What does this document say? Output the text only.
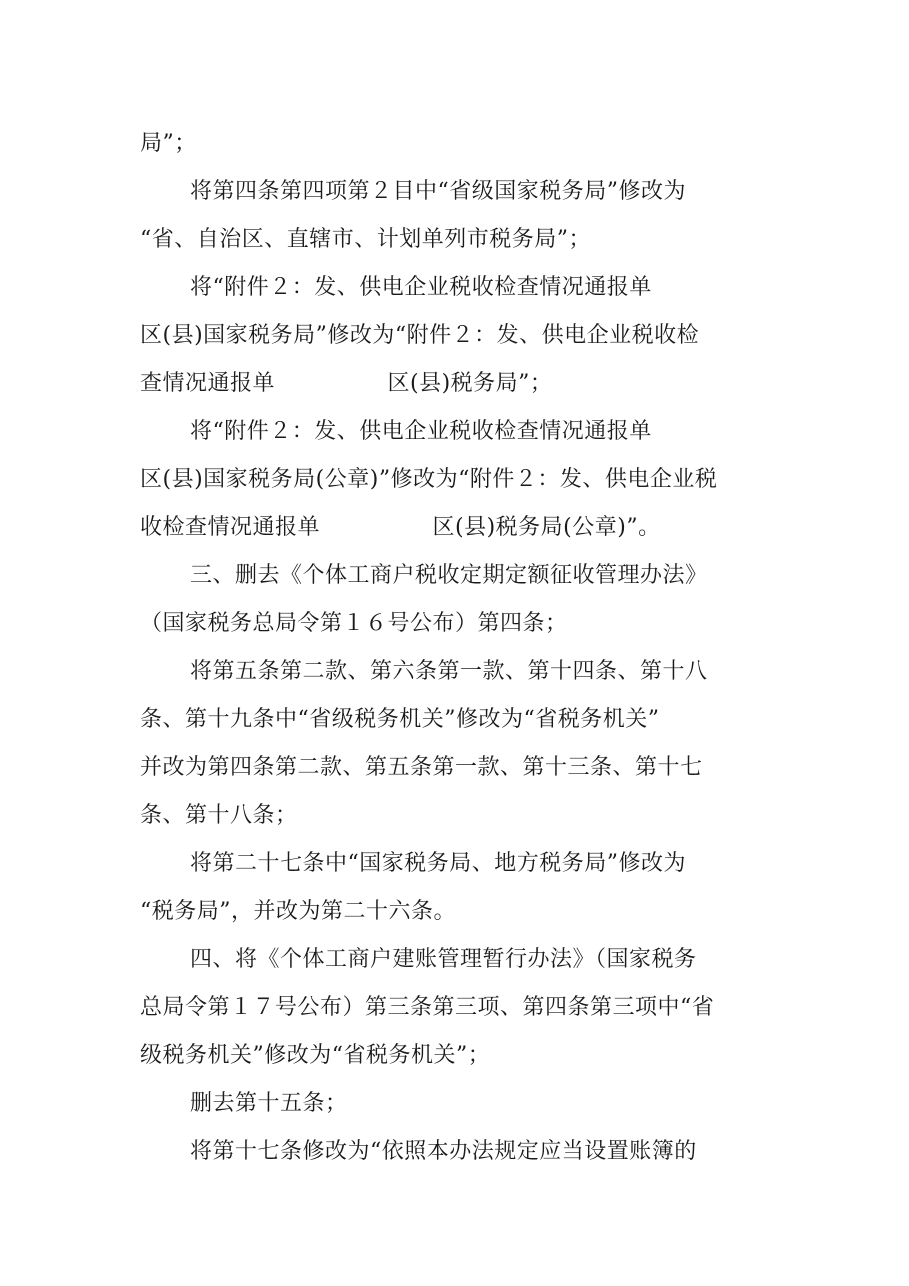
局”；
将第四条第四项第２目中“省级国家税务局”修改为
“省、自治区、直辖市、计划单列市税务局”；
将“附件２：发、供电企业税收检查情况通报单
区(县)国家税务局”修改为“附件２：发、供电企业税收检
查情况通报单　　　　　区(县)税务局”；
将“附件２：发、供电企业税收检查情况通报单
区(县)国家税务局(公章)”修改为“附件２：发、供电企业税
收检查情况通报单　　　　　区(县)税务局(公章)”。
三、删去《个体工商户税收定期定额征收管理办法》
（国家税务总局令第１６号公布）第四条；
将第五条第二款、第六条第一款、第十四条、第十八
条、第十九条中“省级税务机关”修改为“省税务机关”
并改为第四条第二款、第五条第一款、第十三条、第十七
条、第十八条；
将第二十七条中“国家税务局、地方税务局”修改为
“税务局”，并改为第二十六条。
四、将《个体工商户建账管理暂行办法》（国家税务
总局令第１７号公布）第三条第三项、第四条第三项中“省
级税务机关”修改为“省税务机关”；
删去第十五条；
将第十七条修改为“依照本办法规定应当设置账簿的
